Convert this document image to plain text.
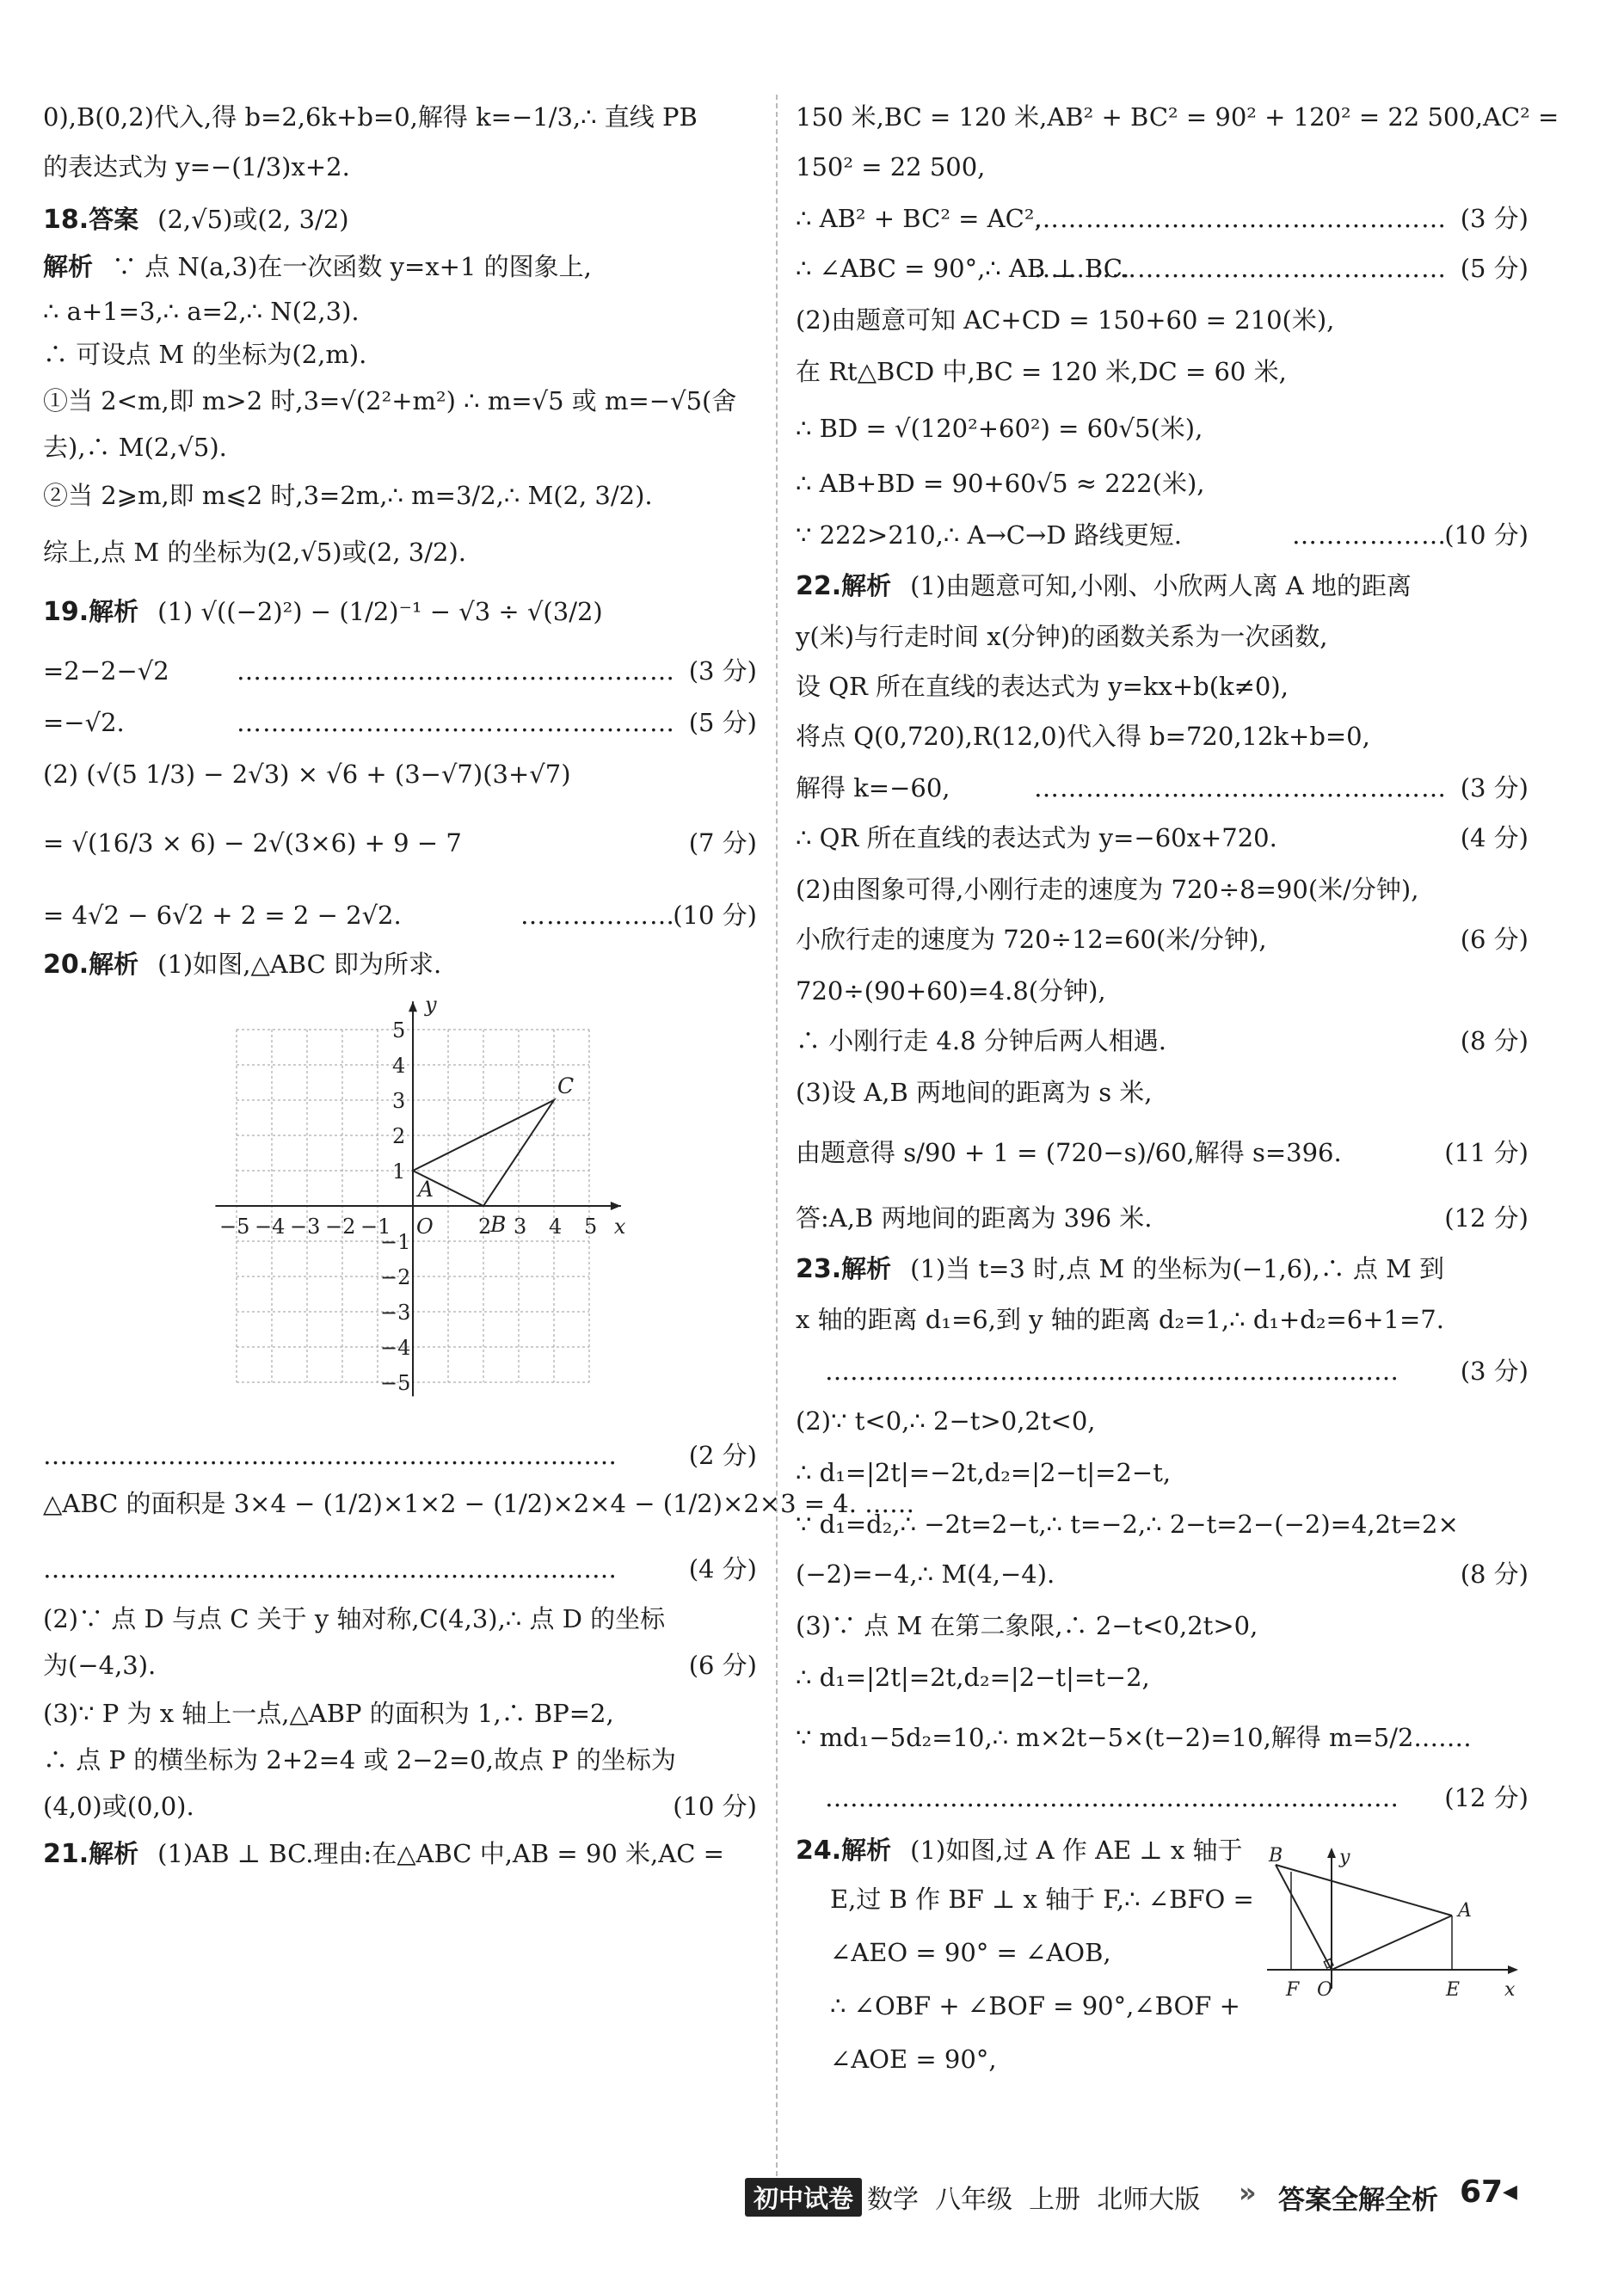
0),B(0,2)代入,得 b=2,6k+b=0,解得 k=−1/3,∴ 直线 PB
的表达式为 y=−(1/3)x+2.
18.答案 (2,√5)或(2, 3/2)
解析 ∵ 点 N(a,3)在一次函数 y=x+1 的图象上,
∴ a+1=3,∴ a=2,∴ N(2,3).
∴ 可设点 M 的坐标为(2,m).
①当 2<m,即 m>2 时,3=√(2²+m²) ∴ m=√5 或 m=−√5(舍
去),∴ M(2,√5).
②当 2⩾m,即 m⩽2 时,3=2m,∴ m=3/2,∴ M(2, 3/2).
综上,点 M 的坐标为(2,√5)或(2, 3/2).
19.解析 (1) √((−2)²) − (1/2)⁻¹ − √3 ÷ √(3/2)
=2−2−√2	…………………………………………… (3 分)
=−√2.	…………………………………………… (5 分)
(2) (√(5 1/3) − 2√3) × √6 + (3−√7)(3+√7)
= √(16/3 × 6) − 2√(3×6) + 9 − 7	(7 分)
= 4√2 − 6√2 + 2 = 2 − 2√2.	………………
(10 分)
20.解析 (1)如图,△ABC 即为所求.
−5 −4 −3 −2 −1 O 2 3 4 5
5
4
3
2
1
−1
−2
−3
−4
−5
x
y
A
B
C
……………………………………………………………	(2 分)
△ABC 的面积是 3×4 − (1/2)×1×2 − (1/2)×2×4 − (1/2)×2×3 = 4. ……
……………………………………………………………	(4 分)
(2)∵ 点 D 与点 C 关于 y 轴对称,C(4,3),∴ 点 D 的坐标
为(−4,3).	(6 分)
(3)∵ P 为 x 轴上一点,△ABP 的面积为 1,∴ BP=2,
∴ 点 P 的横坐标为 2+2=4 或 2−2=0,故点 P 的坐标为
(4,0)或(0,0).	(10 分)
21.解析 (1)AB ⊥ BC.理由:在△ABC 中,AB = 90 米,AC =
150 米,BC = 120 米,AB² + BC² = 90² + 120² = 22 500,AC² =
150² = 22 500,
∴ AB² + BC² = AC²,
………………………………………… (3 分)
∴ ∠ABC = 90°,∴ AB ⊥ BC.
………………………………………… (5 分)
(2)由题意可知 AC+CD = 150+60 = 210(米),
在 Rt△BCD 中,BC = 120 米,DC = 60 米,
∴ BD = √(120²+60²) = 60√5(米),
∴ AB+BD = 90+60√5 ≈ 222(米),
∵ 222>210,∴ A→C→D 路线更短.	………………
(10 分)
22.解析 (1)由题意可知,小刚、小欣两人离 A 地的距离
y(米)与行走时间 x(分钟)的函数关系为一次函数,
设 QR 所在直线的表达式为 y=kx+b(k≠0),
将点 Q(0,720),R(12,0)代入得 b=720,12k+b=0,
解得 k=−60,	………………………………………… (3 分)
∴ QR 所在直线的表达式为 y=−60x+720.	(4 分)
(2)由图象可得,小刚行走的速度为 720÷8=90(米/分钟),
小欣行走的速度为 720÷12=60(米/分钟),	(6 分)
720÷(90+60)=4.8(分钟),
∴ 小刚行走 4.8 分钟后两人相遇.	(8 分)
(3)设 A,B 两地间的距离为 s 米,
由题意得 s/90 + 1 = (720−s)/60,解得 s=396.	(11 分)
答:A,B 两地间的距离为 396 米.	(12 分)
23.解析 (1)当 t=3 时,点 M 的坐标为(−1,6),∴ 点 M 到
x 轴的距离 d₁=6,到 y 轴的距离 d₂=1,∴ d₁+d₂=6+1=7.
…………………………………………………………… (3 分)
(2)∵ t<0,∴ 2−t>0,2t<0,
∴ d₁=|2t|=−2t,d₂=|2−t|=2−t,
∵ d₁=d₂,∴ −2t=2−t,∴ t=−2,∴ 2−t=2−(−2)=4,2t=2×
(−2)=−4,∴ M(4,−4).	(8 分)
(3)∵ 点 M 在第二象限,∴ 2−t<0,2t>0,
∴ d₁=|2t|=2t,d₂=|2−t|=t−2,
∵ md₁−5d₂=10,∴ m×2t−5×(t−2)=10,解得 m=5/2.……
…………………………………………………………… (12 分)
24.解析 (1)如图,过 A 作 AE ⊥ x 轴于
E,过 B 作 BF ⊥ x 轴于 F,∴ ∠BFO =
∠AEO = 90° = ∠AOB,
∴ ∠OBF + ∠BOF = 90°,∠BOF +
∠AOE = 90°,
B	y
A
F O	E x
初中试卷 数学 八年级 上册 北师大版 » 答案全解全析 67 ◀
